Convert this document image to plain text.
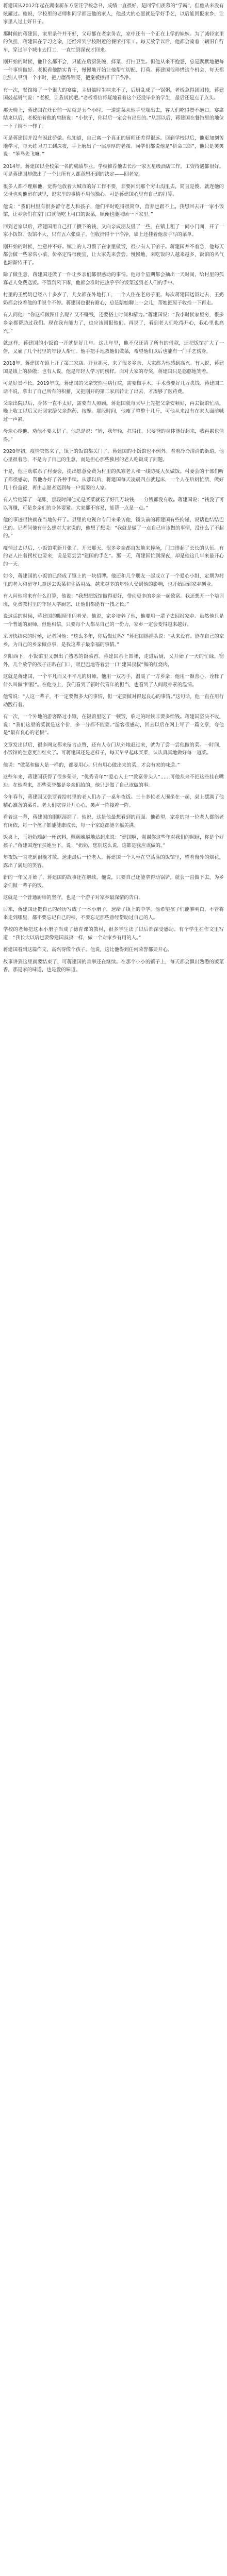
蒋建国从2012年起在湖南新东方烹饪学校念书，成绩一直很好，是同学们羡慕的“学霸”，但他从来没有炫耀过。他说，学校里的老师和同学都是他的家人，他最大的心愿就是学好手艺，以后能回报家乡，让家里人过上好日子。

那时候的蒋建国，家里条件并不好，父母都在老家务农，家中还有一个正在上学的妹妹。为了减轻家里的负担，蒋建国在学习之余，还经常到学校附近的餐馆打零工。每天放学以后，他都会骑着一辆旧自行车，穿过半个城市去打工，一直忙到深夜才回来。

刚开始的时候，他什么都不会，只能在后厨洗碗、择菜、打扫卫生。但他从来不抱怨，总是默默地把每一件事情做好。老板看他踏实肯干，慢慢地开始让他帮忙切配、打荷。蒋建国很珍惜这个机会，每天都比别人早到一个小时，把刀磨得锃亮，把案板擦得干干净净。

有一次，餐馆接了一个很大的宴席，主厨临时生病来不了，后厨乱成了一锅粥。老板急得团团转，蒋建国鼓起勇气说：“老板，让我试试吧。”老板将信将疑地看着这个还没毕业的学生，最后还是点了点头。

那天晚上，蒋建国在灶台前一站就是五个小时，一道道菜从他手里端出去，客人们吃得赞不绝口。宴席结束以后，老板拍着他的肩膀说：“小伙子，你以后一定会有出息的。”从那以后，蒋建国在餐馆里的地位一下子就不一样了。

可是蒋建国并没有因此骄傲。他知道，自己离一个真正的厨师还差得很远。回到学校以后，他更加刻苦地学习，每天练习刀工到深夜，手上磨出了一层厚厚的老茧。同学们都说他是“拼命三郎”，他只是笑笑说：“笨鸟先飞嘛。”

2014年，蒋建国以全校第一名的成绩毕业。学校推荐他去长沙一家五星级酒店工作，工资待遇都很好。可是蒋建国却做出了一个让所有人都意想不到的决定——回老家。

很多人都不理解他，觉得他放着大城市的好工作不要，非要回到那个穷山沟里去，简直是傻。就连他的父母也劝他留在城里，说家里的事情不用他操心。可是蒋建国心里有自己的打算。

他说：“我们村里有很多留守老人和孩子，他们平时吃得很简单，营养也跟不上。我想回去开一家小饭馆，让乡亲们在家门口就能吃上可口的饭菜，顺便也能照顾一下家里。”

回到老家以后，蒋建国用自己打工攒下的钱，又向亲戚朋友借了一些，在镇上租了一间小门面，开了一家小饭馆。饭馆不大，只有五六张桌子，但收拾得干干净净，墙上还挂着他亲手写的菜单。

刚开始的时候，生意并不好。镇上的人习惯了在家里做饭，很少有人下馆子。蒋建国并不着急，他每天都会做一些家常小菜，价格定得很便宜，让大家先来尝尝。慢慢地，来吃饭的人越来越多，饭馆的名气也渐渐传开了。

除了做生意，蒋建国还做了一件让乡亲们都很感动的事情。他每个星期都会抽出一天时间，给村里的孤寡老人免费送饭。不管刮风下雨，他都会准时把热乎乎的饭菜送到老人们的手中。

村里的王奶奶已经八十多岁了，儿女都在外地打工，一个人住在老房子里。每次蒋建国送饭过去，王奶奶都会拉着他的手说个不停。蒋建国也很有耐心，总是陪她聊上一会儿，帮她把屋子收拾一下再走。

有人问他：“你这样做图什么呢？又不赚钱，还要搭上时间和精力。”蒋建国说：“我小时候家里穷，很多乡亲都帮助过我们。现在我有能力了，也应该回报他们。再说了，看到老人们吃得开心，我心里也高兴。”

就这样，蒋建国的小饭馆一开就是好几年。这几年里，他不仅还清了所有的借款，还把饭馆扩大了一倍，又雇了几个村里的年轻人帮忙。他手把手地教他们做菜，希望他们以后也能有一门手艺傍身。

2018年，蒋建国在镇上开了第二家店。开业那天，来了很多乡亲，大家都为他感到高兴。有人说，蒋建国是镇上的骄傲；也有人说，他是年轻人学习的榜样。面对大家的夸奖，蒋建国只是憨憨地笑着。

可是好景不长。2019年底，蒋建国的父亲突然生病住院，需要做手术，手术费要好几万块钱。蒋建国二话不说，拿出了自己所有的积蓄，又把刚开的第二家店转让了出去，才凑够了医药费。

父亲出院以后，身体一直不太好，需要有人照顾。蒋建国就每天早上先把父亲安顿好，再去饭馆忙活，晚上收工以后又赶回家给父亲熬药、按摩。那段时间，他瘦了整整十几斤，可他从来没有在家人面前喊过一声累。

母亲心疼他，劝他不要太拼了。他总是说：“妈，我年轻，扛得住。只要爸的身体能好起来，我再累也值得。”

2020年初，疫情突然来了，镇上的饭馆都关门了。蒋建国的小饭馆也不例外。看着冷冷清清的街道，他心里很着急，不是为了自己的生意，而是担心那些独居的老人吃饭成了问题。

于是，他主动联系了村委会，提出愿意免费为村里的孤寡老人和一线防疫人员做饭。村委会的干部们听了都很感动，帮他办好了各种手续。从那以后，蒋建国每天凌晨四点就起床，一个人在后厨忙活，做好几十份盒饭，再由志愿者送到每一户需要的人家。

有人给他算了一笔账，那段时间他光是买菜就花了好几万块钱，一分钱都没有收。蒋建国说：“钱没了可以再赚，可是乡亲们的身体要紧。大家都不容易，能帮一点是一点。”

他的事迹很快就在当地传开了。县里的电视台专门来采访他，镜头前的蒋建国有些拘谨，说话也结结巴巴的。记者问他有什么想对大家说的，他想了想说：“我就是做了一点自己应该做的事情，没什么了不起的。”

疫情过去以后，小饭馆重新开张了。开张那天，很多乡亲都自发地来捧场，门口排起了长长的队伍。有的老人拄着拐杖也要来，说是要尝尝“建国的手艺”。那一天，蒋建国忙到深夜，却是他这几年来最开心的一天。

如今，蒋建国的小饭馆已经成了镇上的一块招牌。他还和几个朋友一起成立了一个爱心小组，定期为村里的老人和留守儿童送去饭菜和生活用品。越来越多的年轻人受到他的影响，也开始回到家乡创业。

有人问他将来有什么打算，他说：“我想把饭馆做得更好，带动更多的乡亲一起致富。我还想开一个培训班，免费教村里的年轻人学厨艺，让他们都能有一技之长。”

说这话的时候，蒋建国的眼睛里闪着光。他说，家乡培养了他，他要用一辈子去回报家乡。虽然他只是一个普通的厨师，但他相信，只要每个人都尽自己的一份力，家乡一定会变得越来越好。

采访快结束的时候，记者问他：“这么多年，你后悔过吗？”蒋建国摇摇头说：“从来没有。能在自己的家乡，为自己的乡亲做点事，是我这辈子最幸福的事情。”

夕阳西下，小饭馆里又飘出了熟悉的饭菜香。蒋建国系上围裙，走进后厨，又开始了一天的忙碌。窗外，几个放学的孩子正趴在门口，眼巴巴地等着尝一口“建国叔叔”做的红烧肉。

这就是蒋建国，一个平凡而又不平凡的厨师。他用一双巧手，温暖了一方乡亲；他用一颗善心，诠释了什么叫做“回报”。在他身上，我们看到了新时代青年的担当，也看到了人间最朴素的温情。

他常说：“人这一辈子，不一定要做多大的事情，但一定要做对得起良心的事情。”这句话，他一直在用行动践行着。

有一次，一个外地的游客路过小镇，在饭馆里吃了一顿饭，临走的时候非要多给钱。蒋建国坚决不收，说：“我们这里的菜就是这个价，多一分都不能要。”游客很感动，回去以后在网上写了一篇文章，夸他是“最有良心的老板”。

文章发出以后，很多网友都来留言点赞，还有人专门从外地赶过来，就为了尝一尝他做的菜。一时间，小饭馆的生意更加红火了。可蒋建国还是老样子，每天早早起床买菜，认认真真地做好每一道菜。

他说：“做菜和做人是一样的，都要用心。只有用心做出来的菜，才会有家的味道。”

这些年来，蒋建国获得了很多荣誉，“优秀青年”“爱心人士”“致富带头人”……可他从来不把这些挂在嘴边。在他看来，那些荣誉都是乡亲们给的，他只是做了自己该做的事。

今年春节，蒋建国又张罗着给村里的老人们办了一桌年夜饭。三十多位老人围坐在一起，桌上摆满了他精心准备的菜肴。老人们吃得开开心心，笑声一阵接着一阵。

看着这一幕，蒋建国的眼眶湿润了。他说，这是他最想看到的画面。他希望，家乡的每一位老人都能老有所依，每一个孩子都能健康成长，每一个家庭都能幸福美满。

饭桌上，王奶奶端起一杯饮料，颤颤巍巍地站起来说：“建国啊，谢谢你这些年对我们的照顾，你是个好孩子。”蒋建国连忙扶她坐下，说：“奶奶，您别这么说，这都是我应该做的。”

年夜饭一直吃到很晚才散。送走最后一位老人，蒋建国一个人坐在空荡荡的饭馆里，望着窗外的烟花，露出了满足的笑容。

新的一年又开始了，蒋建国的故事还在继续。他说，只要自己还能拿得动锅铲，就会一直做下去，为乡亲们做一辈子的饭。

这就是一个普通厨师的坚守，也是一个游子对家乡最深情的告白。

后来，蒋建国还把自己的经历写成了一本小册子，送给了镇上的中学。他希望孩子们能够明白，不管将来走到哪里，都不要忘记自己的根，不要忘记那些曾经帮助过自己的人。

学校的老师把这本小册子当成了德育课的教材，很多学生读了以后都深受感动。有个学生在作文里写道：“我长大以后也要像建国叔叔一样，做一个对家乡有用的人。”

蒋建国看到这篇作文，高兴得像个孩子。他说，这比他得到任何荣誉都要开心。

故事讲到这里就要结束了，可蒋建国的善举还在继续。在那个小小的镇子上，每天都会飘出熟悉的饭菜香，那是家的味道，也是爱的味道。
